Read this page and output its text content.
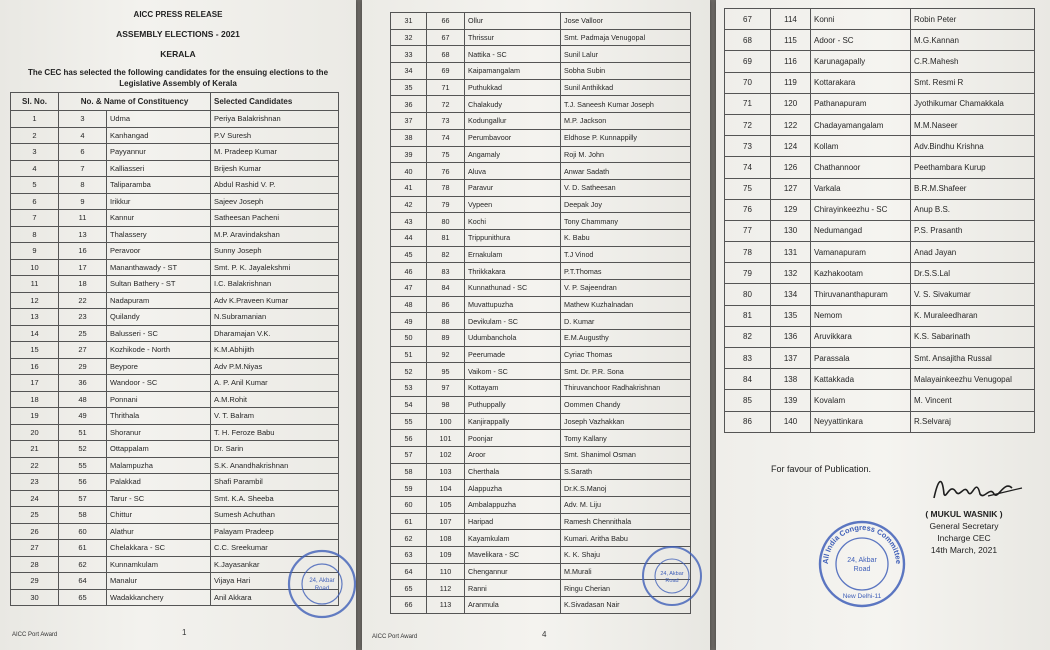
AICC PRESS RELEASE
ASSEMBLY ELECTIONS - 2021
KERALA
The CEC has selected the following candidates for the ensuing elections to the Legislative Assembly of Kerala
Sl. No.	No. & Name of Constituency		Selected Candidates
1	3	Udma	Periya Balakrishnan
2	4	Kanhangad	P.V Suresh
3	6	Payyannur	M. Pradeep Kumar
4	7	Kalliasseri	Brijesh Kumar
5	8	Taliparamba	Abdul Rashid V. P.
6	9	Irikkur	Sajeev Joseph
7	11	Kannur	Satheesan Pacheni
8	13	Thalassery	M.P. Aravindakshan
9	16	Peravoor	Sunny Joseph
10	17	Mananthawady - ST	Smt. P. K. Jayalekshmi
11	18	Sultan Bathery - ST	I.C. Balakrishnan
12	22	Nadapuram	Adv K.Praveen Kumar
13	23	Quilandy	N.Subramanian
14	25	Balusseri - SC	Dharamajan V.K.
15	27	Kozhikode - North	K.M.Abhijith
16	29	Beypore	Adv P.M.Niyas
17	36	Wandoor - SC	A. P. Anil Kumar
18	48	Ponnani	A.M.Rohit
19	49	Thrithala	V. T. Balram
20	51	Shoranur	T. H. Feroze Babu
21	52	Ottappalam	Dr. Sarin
22	55	Malampuzha	S.K. Anandhakrishnan
23	56	Palakkad	Shafi Parambil
24	57	Tarur - SC	Smt. K.A. Sheeba
25	58	Chittur	Sumesh Achuthan
26	60	Alathur	Palayam Pradeep
27	61	Chelakkara - SC	C.C. Sreekumar
28	62	Kunnamkulam	K.Jayasankar
29	64	Manalur	Vijaya Hari
30	65	Wadakkanchery	Anil Akkara
AICC Port Award	1
24, Akbar
Road
31	66	Ollur	Jose Valloor
32	67	Thrissur	Smt. Padmaja Venugopal
33	68	Nattika - SC	Sunil Lalur
34	69	Kaipamangalam	Sobha Subin
35	71	Puthukkad	Sunil Anthikkad
36	72	Chalakudy	T.J. Saneesh Kumar Joseph
37	73	Kodungallur	M.P. Jackson
38	74	Perumbavoor	Eldhose P. Kunnappilly
39	75	Angamaly	Roji M. John
40	76	Aluva	Anwar Sadath
41	78	Paravur	V. D. Satheesan
42	79	Vypeen	Deepak Joy
43	80	Kochi	Tony Chammany
44	81	Trippunithura	K. Babu
45	82	Ernakulam	T.J Vinod
46	83	Thrikkakara	P.T.Thomas
47	84	Kunnathunad - SC	V. P. Sajeendran
48	86	Muvattupuzha	Mathew Kuzhalnadan
49	88	Devikulam - SC	D. Kumar
50	89	Udumbanchola	E.M.Augusthy
51	92	Peerumade	Cyriac Thomas
52	95	Vaikom - SC	Smt. Dr. P.R. Sona
53	97	Kottayam	Thiruvanchoor Radhakrishnan
54	98	Puthuppally	Oommen Chandy
55	100	Kanjirappally	Joseph Vazhakkan
56	101	Poonjar	Tomy Kallany
57	102	Aroor	Smt. Shanimol Osman
58	103	Cherthala	S.Sarath
59	104	Alappuzha	Dr.K.S.Manoj
60	105	Ambalappuzha	Adv. M. Liju
61	107	Haripad	Ramesh Chennithala
62	108	Kayamkulam	Kumari. Aritha Babu
63	109	Mavelikara - SC	K. K. Shaju
64	110	Chengannur	M.Murali
65	112	Ranni	Ringu Cherian
66	113	Aranmula	K.Sivadasan Nair
AICC Port Award	4
24, Akbar
Road
67	114	Konni	Robin Peter
68	115	Adoor - SC	M.G.Kannan
69	116	Karunagapally	C.R.Mahesh
70	119	Kottarakara	Smt. Resmi R
71	120	Pathanapuram	Jyothikumar Chamakkala
72	122	Chadayamangalam	M.M.Naseer
73	124	Kollam	Adv.Bindhu Krishna
74	126	Chathannoor	Peethambara Kurup
75	127	Varkala	B.R.M.Shafeer
76	129	Chirayinkeezhu - SC	Anup B.S.
77	130	Nedumangad	P.S. Prasanth
78	131	Vamanapuram	Anad Jayan
79	132	Kazhakootam	Dr.S.S.Lal
80	134	Thiruvananthapuram	V. S. Sivakumar
81	135	Nemom	K. Muraleedharan
82	136	Aruvikkara	K.S. Sabarinath
83	137	Parassala	Smt. Ansajitha Russal
84	138	Kattakkada	Malayainkeezhu Venugopal
85	139	Kovalam	M. Vincent
86	140	Neyyattinkara	R.Selvaraj
For favour of Publication.
( MUKUL WASNIK )
General Secretary
Incharge CEC
14th March, 2021
All India Congress Committee
24, Akbar
Road
New Delhi-11
